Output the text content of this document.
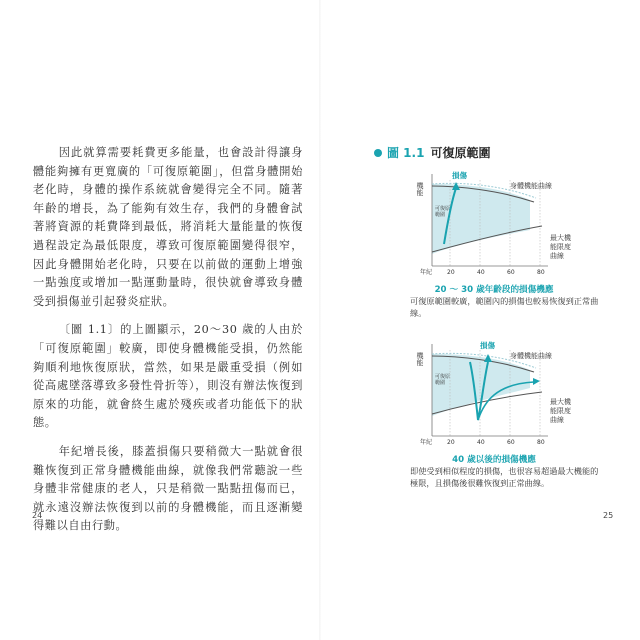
因此就算需要耗費更多能量，也會設計得讓身體能夠擁有更寬廣的「可復原範圍」，但當身體開始老化時，身體的操作系統就會變得完全不同。隨著年齡的增長，為了能夠有效生存，我們的身體會試著將資源的耗費降到最低，將消耗大量能量的恢復過程設定為最低限度，導致可復原範圍變得很窄，因此身體開始老化時，只要在以前做的運動上增強一點強度或增加一點運動量時，很快就會導致身體受到損傷並引起發炎症狀。

〔圖 1.1〕的上圖顯示，20～30 歲的人由於「可復原範圍」較廣，即使身體機能受損，仍然能夠順利地恢復原狀，當然，如果是嚴重受損（例如從高處墜落導致多發性骨折等），則沒有辦法恢復到原來的功能，就會終生處於殘疾或者功能低下的狀態。

年紀增長後，膝蓋損傷只要稍微大一點就會很難恢復到正常身體機能曲線，就像我們常聽說一些身體非常健康的老人，只是稍微一點點扭傷而已，就永遠沒辦法恢復到以前的身體機能，而且逐漸變得難以自由行動。

24
圖 1.1 可復原範圍
機能
損傷
身體機能曲線
可復原
範圍
最大機
能限度
曲線
年紀 20	40	60	80
20 ～ 30 歲年齡段的損傷機應
可復原範圍較廣，範圍內的損傷也較易恢復到正常曲線。
機能
損傷
身體機能曲線
可復原
範圍
最大機
能限度
曲線
年紀 20	40	60	80
40 歲以後的損傷機應
即使受到相似程度的損傷，也很容易超過最大機能的極限，且損傷後很難恢復到正常曲線。
25
